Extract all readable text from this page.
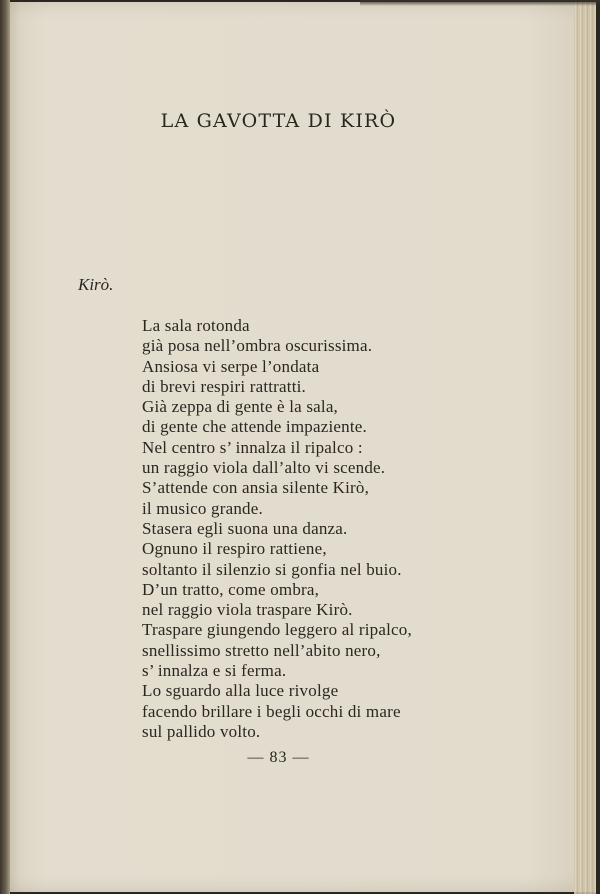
LA GAVOTTA DI KIRÒ
Kirò.
La sala rotonda
già posa nell’ombra oscurissima.
Ansiosa vi serpe l’ondata
di brevi respiri rattratti.
Già zeppa di gente è la sala,
di gente che attende impaziente.
Nel centro s’ innalza il ripalco :
un raggio viola dall’alto vi scende.
S’attende con ansia silente Kirò,
il musico grande.
Stasera egli suona una danza.
Ognuno il respiro rattiene,
soltanto il silenzio si gonfia nel buio.
D’un tratto, come ombra,
nel raggio viola traspare Kirò.
Traspare giungendo leggero al ripalco,
snellissimo stretto nell’abito nero,
s’ innalza e si ferma.
Lo sguardo alla luce rivolge
facendo brillare i begli occhi di mare
sul pallido volto.
— 83 —
